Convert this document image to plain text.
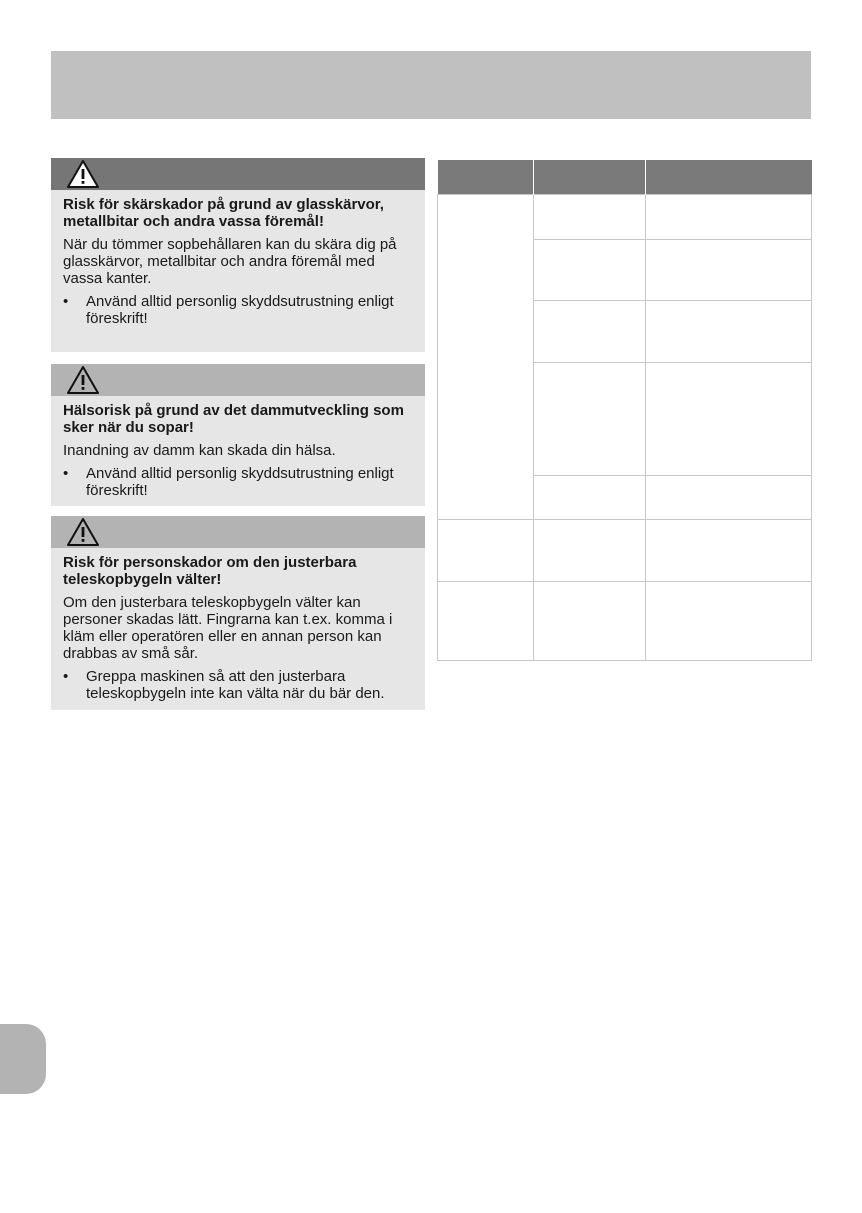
Risk för skärskador på grund av glasskärvor, metallbitar och andra vassa föremål!
När du tömmer sopbehållaren kan du skära dig på glasskärvor, metallbitar och andra föremål med vassa kanter.
•	Använd alltid personlig skyddsutrustning enligt föreskrift!
Hälsorisk på grund av det dammutveckling som sker när du sopar!
Inandning av damm kan skada din hälsa.
•	Använd alltid personlig skyddsutrustning enligt föreskrift!
Risk för personskador om den justerbara teleskopbygeln välter!
Om den justerbara teleskopbygeln välter kan personer skadas lätt. Fingrarna kan t.ex. komma i kläm eller operatören eller en annan person kan drabbas av små sår.
•	Greppa maskinen så att den justerbara teleskopbygeln inte kan välta när du bär den.
